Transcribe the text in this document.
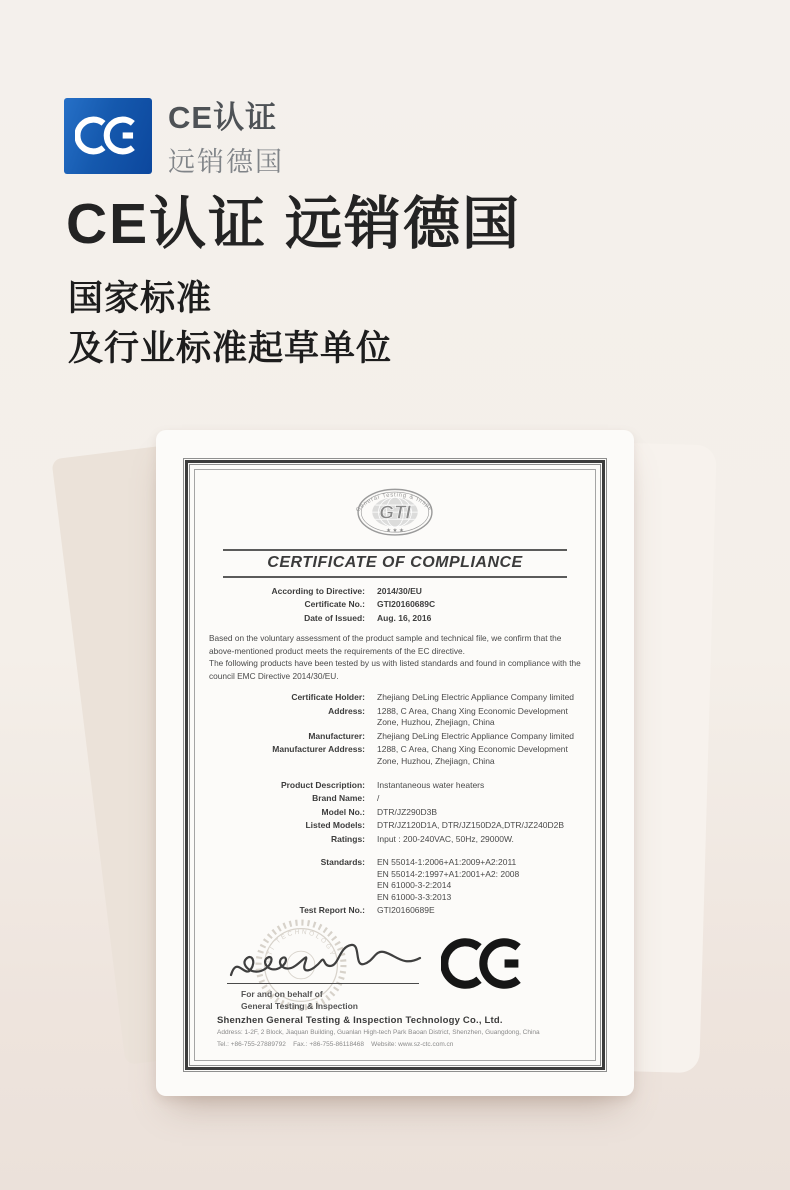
CE认证
远销德国
CE认证 远销德国
国家标准
及行业标准起草单位
GTI
General Testing & Inspe
★ ★ ★
CERTIFICATE OF COMPLIANCE
According to Directive:	2014/30/EU
Certificate No.:	GTI20160689C
Date of Issued:	Aug. 16, 2016
Based on the voluntary assessment of the product sample and technical file, we confirm that the above-mentioned product meets the requirements of the EC directive.
The following products have been tested by us with listed standards and found in compliance with the council EMC Directive 2014/30/EU.
Certificate Holder:	Zhejiang DeLing Electric Appliance Company limited
Address:	1288, C Area, Chang Xing Economic Development Zone, Huzhou, Zhejiagn, China
Manufacturer:	Zhejiang DeLing Electric Appliance Company limited
Manufacturer Address:	1288, C Area, Chang Xing Economic Development Zone, Huzhou, Zhejiagn, China
Product Description:	Instantaneous water heaters
Brand Name:	/
Model No.:	DTR/JZ290D3B
Listed Models:	DTR/JZ120D1A, DTR/JZ150D2A,DTR/JZ240D2B
Ratings:	Input : 200-240VAC, 50Hz, 29000W.
Standards:	EN 55014-1:2006+A1:2009+A2:2011
EN 55014-2:1997+A1:2001+A2: 2008
EN 61000-3-2:2014
EN 61000-3-3:2013
Test Report No.:	GTI20160689E
GTI TECHNOLOGY
For and on behalf of
General Testing & Inspection
Shenzhen General Testing & Inspection Technology Co., Ltd.
Address: 1-2F, 2 Block, Jiaquan Building, Guanlan High-tech Park Baoan District, Shenzhen, Guangdong, China
Tel.: +86-755-27889792    Fax.: +86-755-86118468    Website: www.sz-ctc.com.cn
